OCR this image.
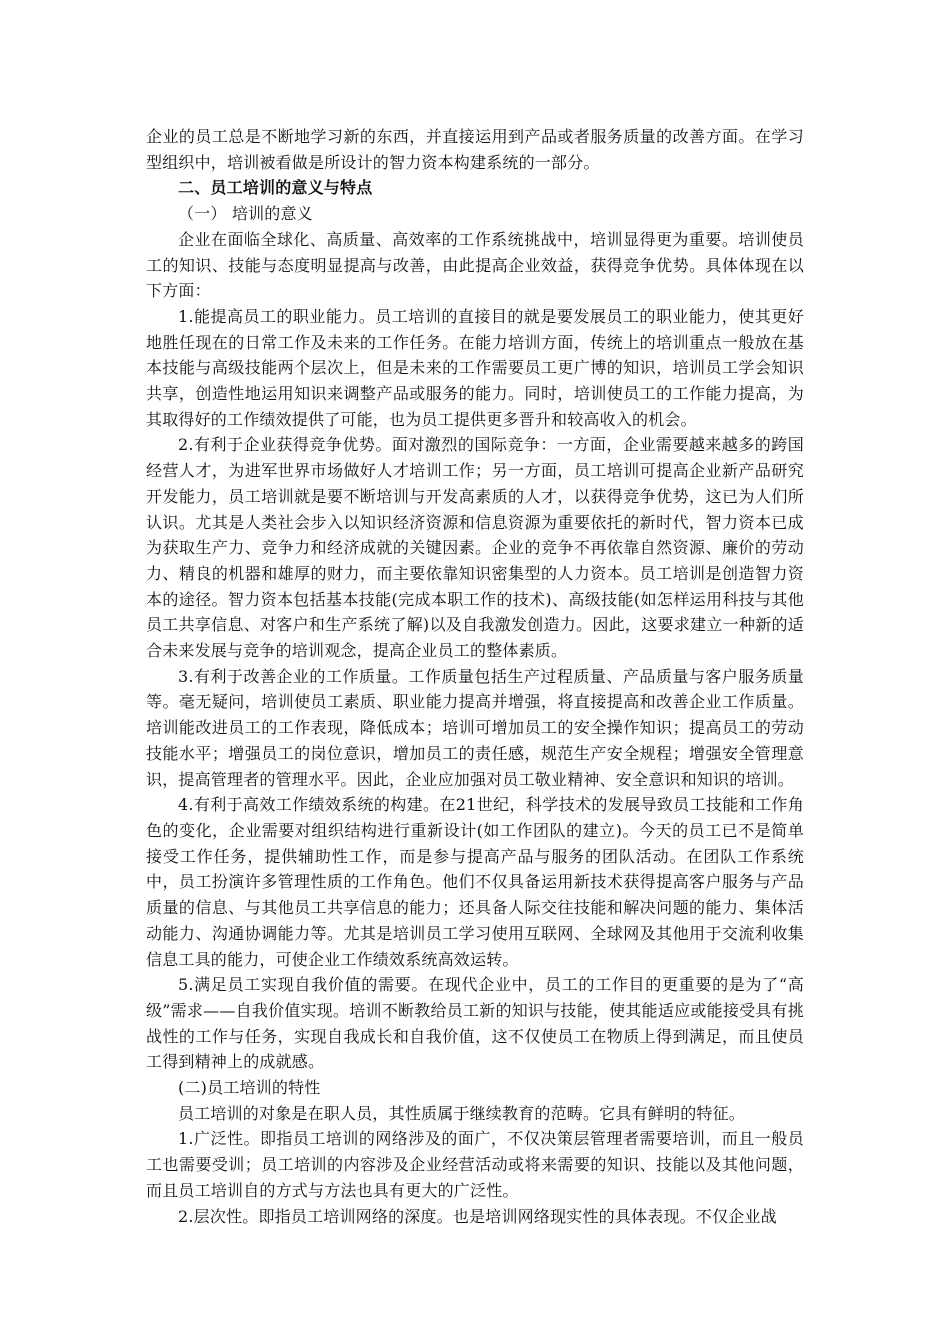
企业的员工总是不断地学习新的东西，并直接运用到产品或者服务质量的改善方面。在学习型组织中，培训被看做是所设计的智力资本构建系统的一部分。

二、员工培训的意义与特点

（一） 培训的意义

企业在面临全球化、高质量、高效率的工作系统挑战中，培训显得更为重要。培训使员工的知识、技能与态度明显提高与改善，由此提高企业效益，获得竞争优势。具体体现在以下方面：

1.能提高员工的职业能力。员工培训的直接目的就是要发展员工的职业能力，使其更好地胜任现在的日常工作及未来的工作任务。在能力培训方面，传统上的培训重点一般放在基本技能与高级技能两个层次上，但是未来的工作需要员工更广博的知识，培训员工学会知识共享，创造性地运用知识来调整产品或服务的能力。同时，培训使员工的工作能力提高，为其取得好的工作绩效提供了可能，也为员工提供更多晋升和较高收入的机会。

2.有利于企业获得竞争优势。面对激烈的国际竞争：一方面，企业需要越来越多的跨国经营人才，为进军世界市场做好人才培训工作；另一方面，员工培训可提高企业新产品研究开发能力，员工培训就是要不断培训与开发高素质的人才，以获得竞争优势，这已为人们所认识。尤其是人类社会步入以知识经济资源和信息资源为重要依托的新时代，智力资本已成为获取生产力、竞争力和经济成就的关键因素。企业的竞争不再依靠自然资源、廉价的劳动力、精良的机器和雄厚的财力，而主要依靠知识密集型的人力资本。员工培训是创造智力资本的途径。智力资本包括基本技能(完成本职工作的技术)、高级技能(如怎样运用科技与其他员工共享信息、对客户和生产系统了解)以及自我激发创造力。因此，这要求建立一种新的适合未来发展与竞争的培训观念，提高企业员工的整体素质。

3.有利于改善企业的工作质量。工作质量包括生产过程质量、产品质量与客户服务质量等。毫无疑问，培训使员工素质、职业能力提高并增强，将直接提高和改善企业工作质量。培训能改进员工的工作表现，降低成本；培训可增加员工的安全操作知识；提高员工的劳动技能水平；增强员工的岗位意识，增加员工的责任感，规范生产安全规程；增强安全管理意识，提高管理者的管理水平。因此，企业应加强对员工敬业精神、安全意识和知识的培训。

4.有利于高效工作绩效系统的构建。在21世纪，科学技术的发展导致员工技能和工作角色的变化，企业需要对组织结构进行重新设计(如工作团队的建立)。今天的员工已不是简单接受工作任务，提供辅助性工作，而是参与提高产品与服务的团队活动。在团队工作系统中，员工扮演许多管理性质的工作角色。他们不仅具备运用新技术获得提高客户服务与产品质量的信息、与其他员工共享信息的能力；还具备人际交往技能和解决问题的能力、集体活动能力、沟通协调能力等。尤其是培训员工学习使用互联网、全球网及其他用于交流利收集信息工具的能力，可使企业工作绩效系统高效运转。

5.满足员工实现自我价值的需要。在现代企业中，员工的工作目的更重要的是为了“高级”需求——自我价值实现。培训不断教给员工新的知识与技能，使其能适应或能接受具有挑战性的工作与任务，实现自我成长和自我价值，这不仅使员工在物质上得到满足，而且使员工得到精神上的成就感。

(二)员工培训的特性

员工培训的对象是在职人员，其性质属于继续教育的范畴。它具有鲜明的特征。

1.广泛性。即指员工培训的网络涉及的面广，不仅决策层管理者需要培训，而且一般员工也需要受训；员工培训的内容涉及企业经营活动或将来需要的知识、技能以及其他问题，而且员工培训自的方式与方法也具有更大的广泛性。

2.层次性。即指员工培训网络的深度。也是培训网络现实性的具体表现。不仅企业战
